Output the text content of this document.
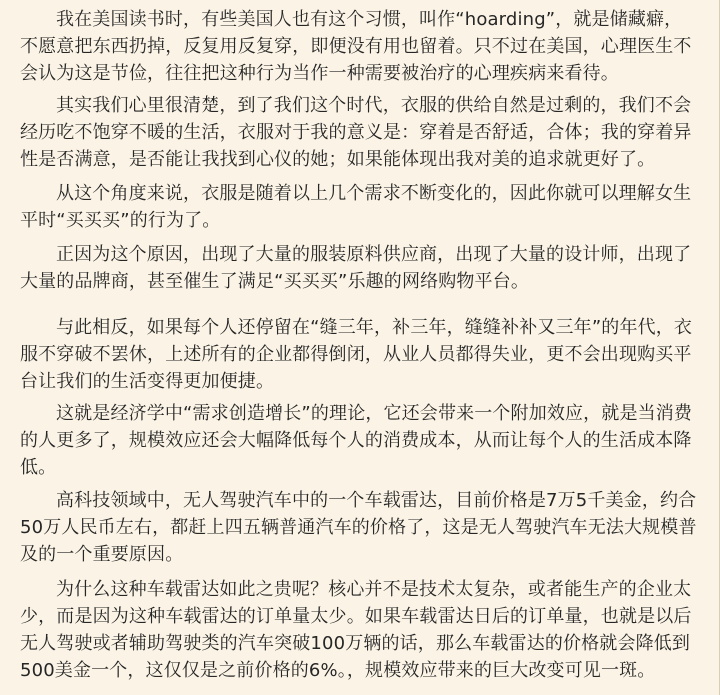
我在美国读书时，有些美国人也有这个习惯，叫作“hoarding”，就是储藏癖，不愿意把东西扔掉，反复用反复穿，即便没有用也留着。只不过在美国，心理医生不会认为这是节俭，往往把这种行为当作一种需要被治疗的心理疾病来看待。

其实我们心里很清楚，到了我们这个时代，衣服的供给自然是过剩的，我们不会经历吃不饱穿不暖的生活，衣服对于我的意义是：穿着是否舒适，合体；我的穿着异性是否满意，是否能让我找到心仪的她；如果能体现出我对美的追求就更好了。

从这个角度来说，衣服是随着以上几个需求不断变化的，因此你就可以理解女生平时“买买买”的行为了。

正因为这个原因，出现了大量的服装原料供应商，出现了大量的设计师，出现了大量的品牌商，甚至催生了满足“买买买”乐趣的网络购物平台。

与此相反，如果每个人还停留在“缝三年，补三年，缝缝补补又三年”的年代，衣服不穿破不罢休，上述所有的企业都得倒闭，从业人员都得失业，更不会出现购买平台让我们的生活变得更加便捷。

这就是经济学中“需求创造增长”的理论，它还会带来一个附加效应，就是当消费的人更多了，规模效应还会大幅降低每个人的消费成本，从而让每个人的生活成本降低。

高科技领域中，无人驾驶汽车中的一个车载雷达，目前价格是7万5千美金，约合50万人民币左右，都赶上四五辆普通汽车的价格了，这是无人驾驶汽车无法大规模普及的一个重要原因。

为什么这种车载雷达如此之贵呢？核心并不是技术太复杂，或者能生产的企业太少，而是因为这种车载雷达的订单量太少。如果车载雷达日后的订单量，也就是以后无人驾驶或者辅助驾驶类的汽车突破100万辆的话，那么车载雷达的价格就会降低到500美金一个，这仅仅是之前价格的6%。，规模效应带来的巨大改变可见一斑。
